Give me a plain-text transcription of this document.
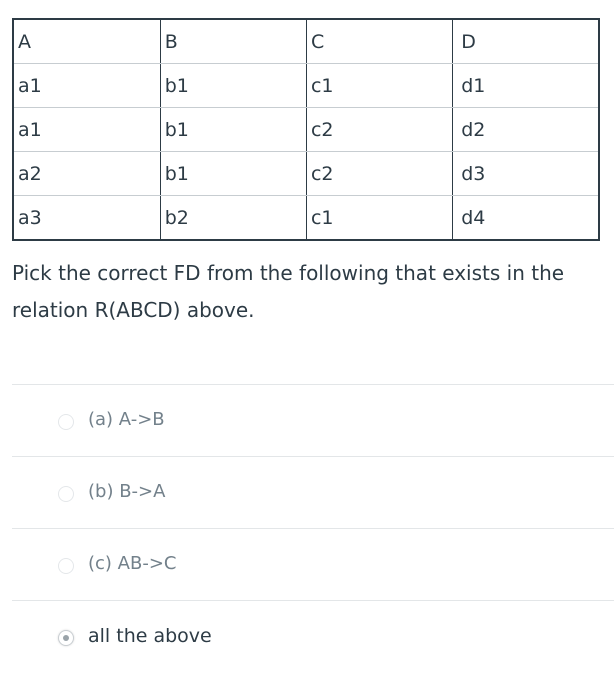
A	B	C	D
a1	b1	c1	d1
a1	b1	c2	d2
a2	b1	c2	d3
a3	b2	c1	d4

Pick the correct FD from the following that exists in the relation R(ABCD) above.

(a) A->B
(b) B->A
(c) AB->C
all the above
